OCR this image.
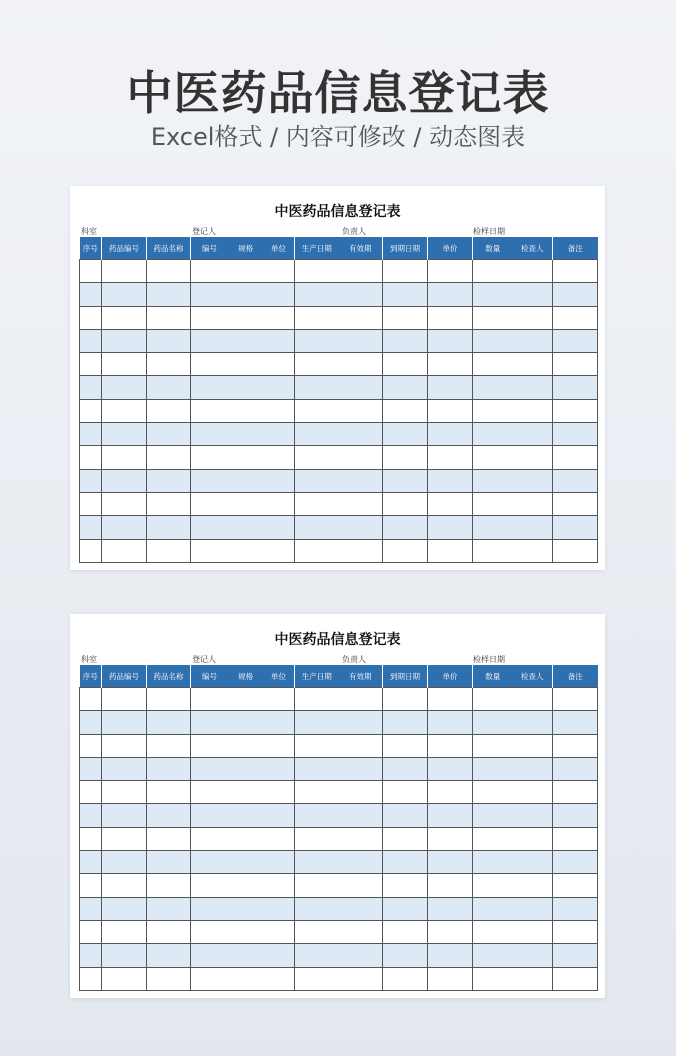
中医药品信息登记表
Excel格式 / 内容可修改 / 动态图表
中医药品信息登记表
科室	登记人	负责人	检样日期
序号	药品编号	药品名称	编号 规格 单位	生产日期 有效期	到期日期	单价	数量 检查人	备注

中医药品信息登记表
科室	登记人	负责人	检样日期
序号	药品编号	药品名称	编号 规格 单位	生产日期 有效期	到期日期	单价	数量 检查人	备注
